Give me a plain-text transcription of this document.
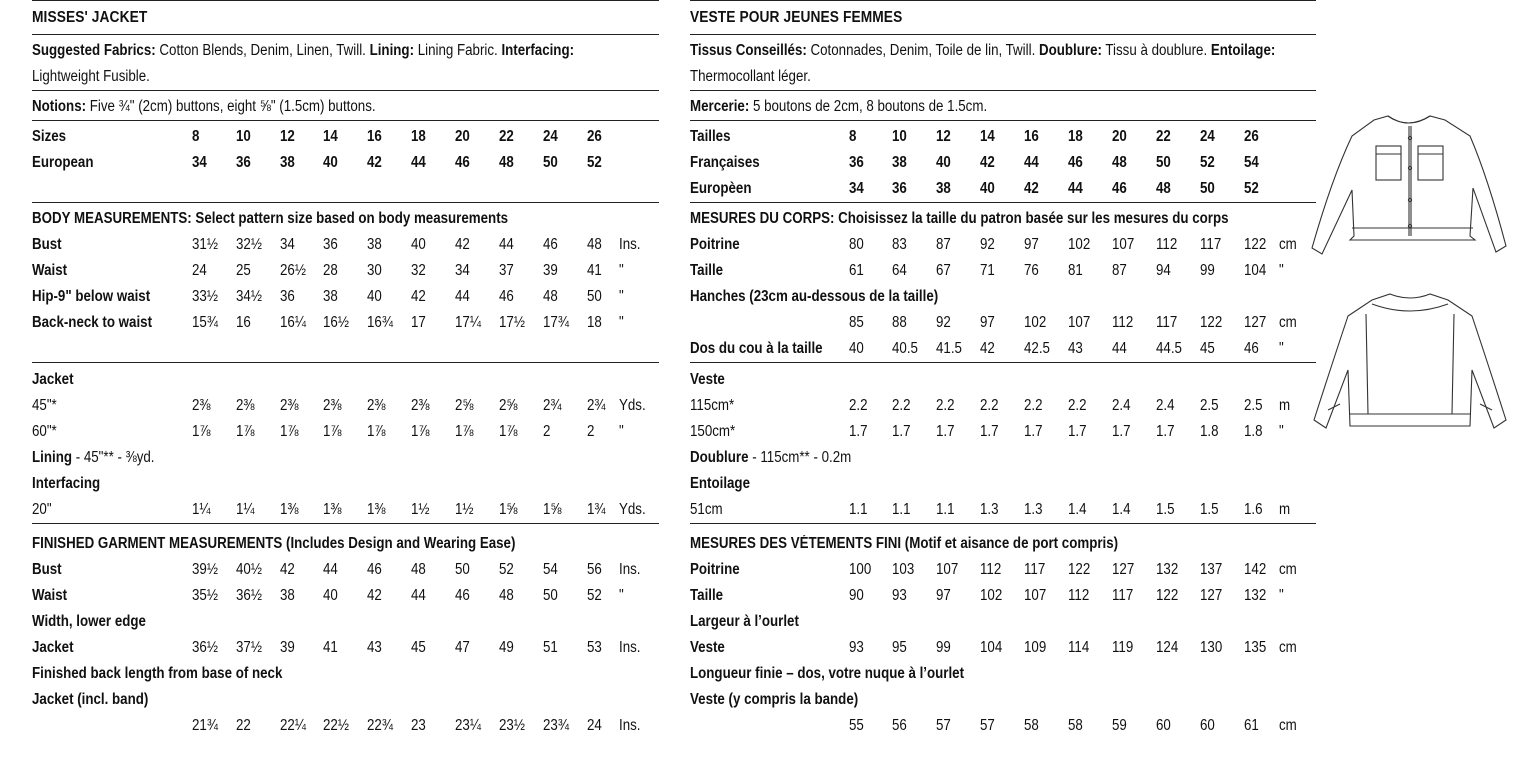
MISSES' JACKET
Suggested Fabrics: Cotton Blends, Denim, Linen, Twill. Lining: Lining Fabric. Interfacing:
Lightweight Fusible.
Notions: Five ¾" (2cm) buttons, eight ⅝" (1.5cm) buttons.
Sizes	8 10 12 14 16 18 20 22 24 26
European	34 36 38 40 42 44 46 48 50 52
BODY MEASUREMENTS: Select pattern size based on body measurements
Bust	31½ 32½ 34 36 38 40 42 44 46 48 Ins.
Waist	24 25 26½ 28 30 32 34 37 39 41 "
Hip-9" below waist	33½ 34½ 36 38 40 42 44 46 48 50 "
Back-neck to waist	15¾ 16 16¼ 16½ 16¾ 17 17¼ 17½ 17¾ 18 "
Jacket
45"*	2⅜ 2⅜ 2⅜ 2⅜ 2⅜ 2⅜ 2⅝ 2⅝ 2¾ 2¾ Yds.
60"*	1⅞ 1⅞ 1⅞ 1⅞ 1⅞ 1⅞ 1⅞ 1⅞ 2 2 "
Lining - 45"** - ⅜yd.
Interfacing
20"	1¼ 1¼ 1⅜ 1⅜ 1⅜ 1½ 1½ 1⅝ 1⅝ 1¾ Yds.
FINISHED GARMENT MEASUREMENTS (Includes Design and Wearing Ease)
Bust	39½ 40½ 42 44 46 48 50 52 54 56 Ins.
Waist	35½ 36½ 38 40 42 44 46 48 50 52 "
Width, lower edge
Jacket	36½ 37½ 39 41 43 45 47 49 51 53 Ins.
Finished back length from base of neck
Jacket (incl. band)
21¾ 22 22¼ 22½ 22¾ 23 23¼ 23½ 23¾ 24 Ins.
VESTE POUR JEUNES FEMMES
Tissus Conseillés: Cotonnades, Denim, Toile de lin, Twill. Doublure: Tissu à doublure. Entoilage:
Thermocollant léger.
Mercerie: 5 boutons de 2cm, 8 boutons de 1.5cm.
Tailles	8 10 12 14 16 18 20 22 24 26
Françaises	36 38 40 42 44 46 48 50 52 54
Europèen	34 36 38 40 42 44 46 48 50 52
MESURES DU CORPS: Choisissez la taille du patron basée sur les mesures du corps
Poitrine	80 83 87 92 97 102 107 112 117 122 cm
Taille	61 64 67 71 76 81 87 94 99 104 "
Hanches (23cm au-dessous de la taille)
85 88 92 97 102 107 112 117 122 127 cm
Dos du cou à la taille 40 40.5 41.5 42 42.5 43 44 44.5 45 46 "
Veste
115cm*	2.2 2.2 2.2 2.2 2.2 2.2 2.4 2.4 2.5 2.5 m
150cm*	1.7 1.7 1.7 1.7 1.7 1.7 1.7 1.7 1.8 1.8 "
Doublure - 115cm** - 0.2m
Entoilage
51cm	1.1 1.1 1.1 1.3 1.3 1.4 1.4 1.5 1.5 1.6 m
MESURES DES VÉTEMENTS FINI (Motif et aisance de port compris)
Poitrine	100 103 107 112 117 122 127 132 137 142 cm
Taille	90 93 97 102 107 112 117 122 127 132 "
Largeur à l’ourlet
Veste	93 95 99 104 109 114 119 124 130 135 cm
Longueur finie – dos, votre nuque à l’ourlet
Veste (y compris la bande)
55 56 57 57 58 58 59 60 60 61 cm
